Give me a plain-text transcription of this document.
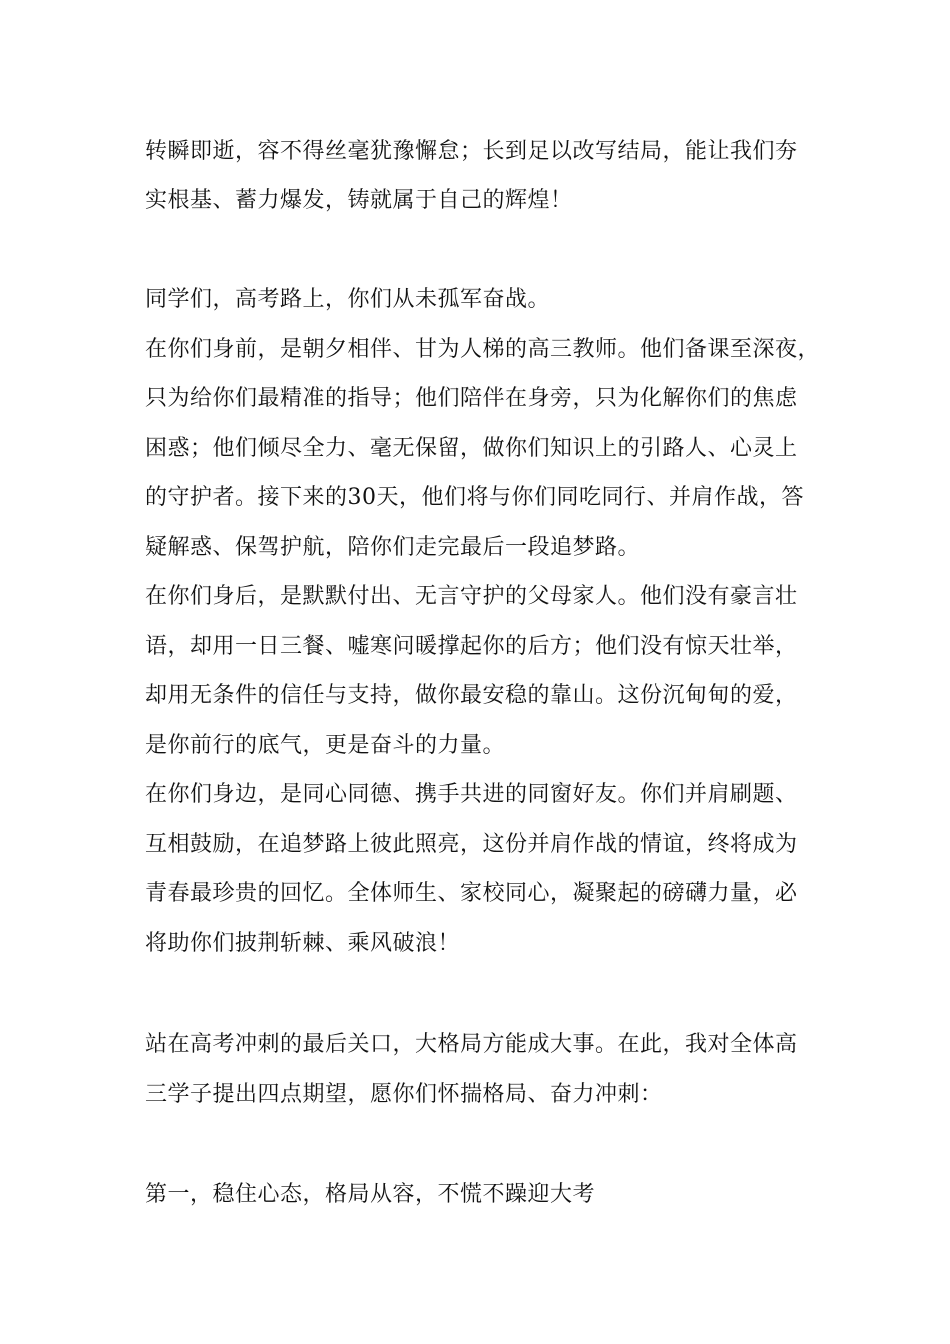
转瞬即逝，容不得丝毫犹豫懈怠；长到足以改写结局，能让我们夯
实根基、蓄力爆发，铸就属于自己的辉煌！
同学们，高考路上，你们从未孤军奋战。
在你们身前，是朝夕相伴、甘为人梯的高三教师。他们备课至深夜，
只为给你们最精准的指导；他们陪伴在身旁，只为化解你们的焦虑
困惑；他们倾尽全力、毫无保留，做你们知识上的引路人、心灵上
的守护者。接下来的30天，他们将与你们同吃同行、并肩作战，答
疑解惑、保驾护航，陪你们走完最后一段追梦路。
在你们身后，是默默付出、无言守护的父母家人。他们没有豪言壮
语，却用一日三餐、嘘寒问暖撑起你的后方；他们没有惊天壮举，
却用无条件的信任与支持，做你最安稳的靠山。这份沉甸甸的爱，
是你前行的底气，更是奋斗的力量。
在你们身边，是同心同德、携手共进的同窗好友。你们并肩刷题、
互相鼓励，在追梦路上彼此照亮，这份并肩作战的情谊，终将成为
青春最珍贵的回忆。全体师生、家校同心，凝聚起的磅礴力量，必
将助你们披荆斩棘、乘风破浪！
站在高考冲刺的最后关口，大格局方能成大事。在此，我对全体高
三学子提出四点期望，愿你们怀揣格局、奋力冲刺：
第一，稳住心态，格局从容，不慌不躁迎大考
